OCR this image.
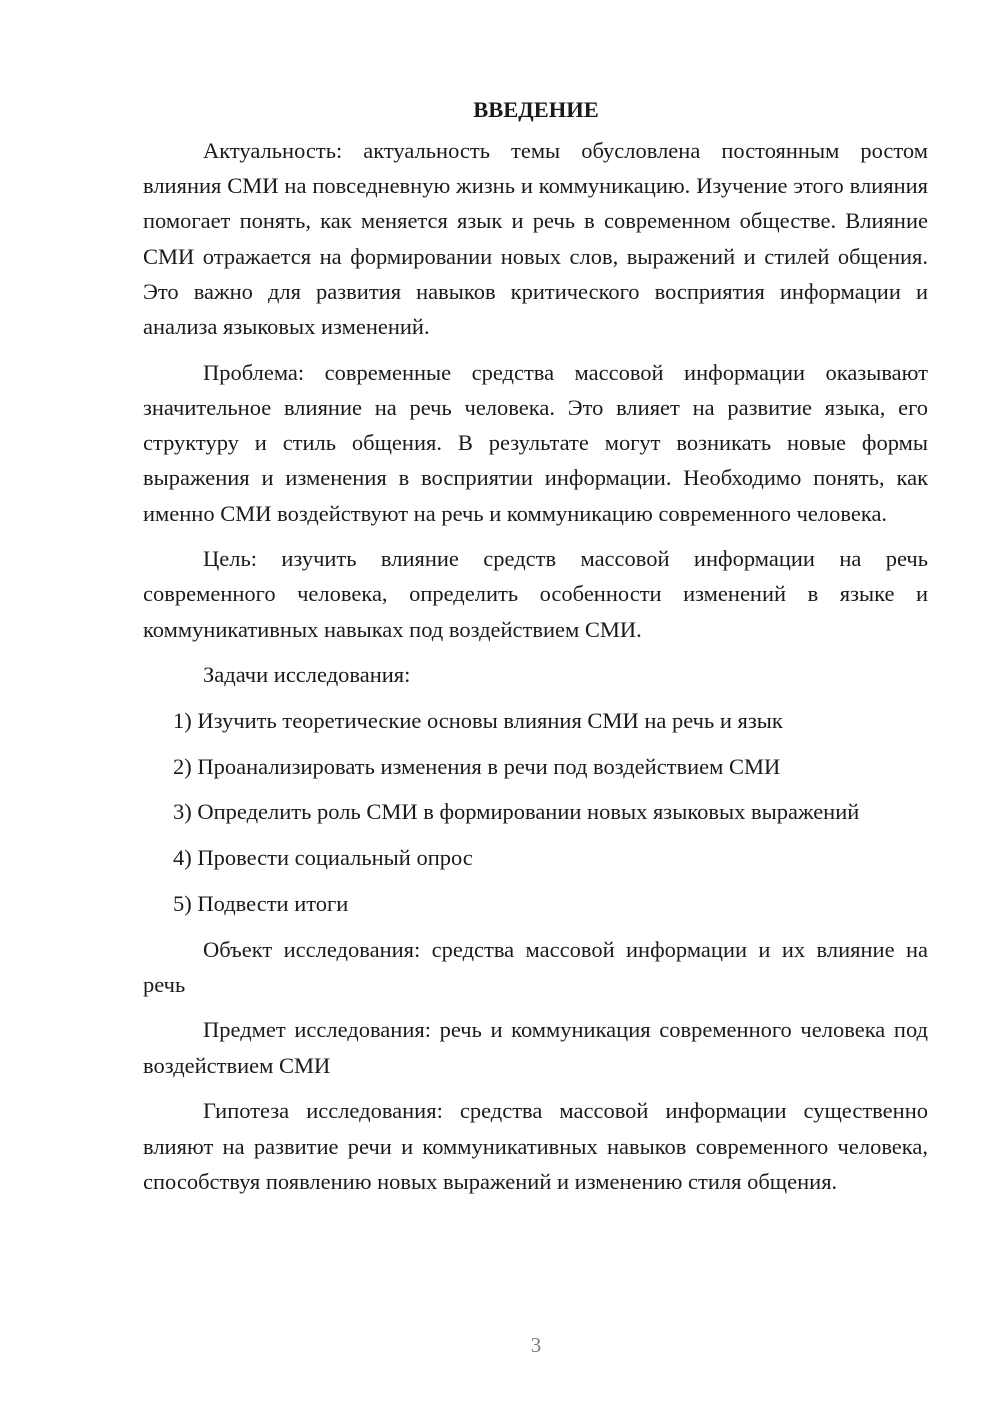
ВВЕДЕНИЕ

Актуальность: актуальность темы обусловлена постоянным ростом влияния СМИ на повседневную жизнь и коммуникацию. Изучение этого влияния помогает понять, как меняется язык и речь в современном обществе. Влияние СМИ отражается на формировании новых слов, выражений и стилей общения. Это важно для развития навыков критического восприятия информации и анализа языковых изменений.

Проблема: современные средства массовой информации оказывают значительное влияние на речь человека. Это влияет на развитие языка, его структуру и стиль общения. В результате могут возникать новые формы выражения и изменения в восприятии информации. Необходимо понять, как именно СМИ воздействуют на речь и коммуникацию современного человека.

Цель: изучить влияние средств массовой информации на речь современного человека, определить особенности изменений в языке и коммуникативных навыках под воздействием СМИ.

Задачи исследования:

1) Изучить теоретические основы влияния СМИ на речь и язык

2) Проанализировать изменения в речи под воздействием СМИ

3) Определить роль СМИ в формировании новых языковых выражений

4) Провести социальный опрос

5) Подвести итоги

Объект исследования: средства массовой информации и их влияние на речь

Предмет исследования: речь и коммуникация современного человека под воздействием СМИ

Гипотеза исследования: средства массовой информации существенно влияют на развитие речи и коммуникативных навыков современного человека, способствуя появлению новых выражений и изменению стиля общения.

3
